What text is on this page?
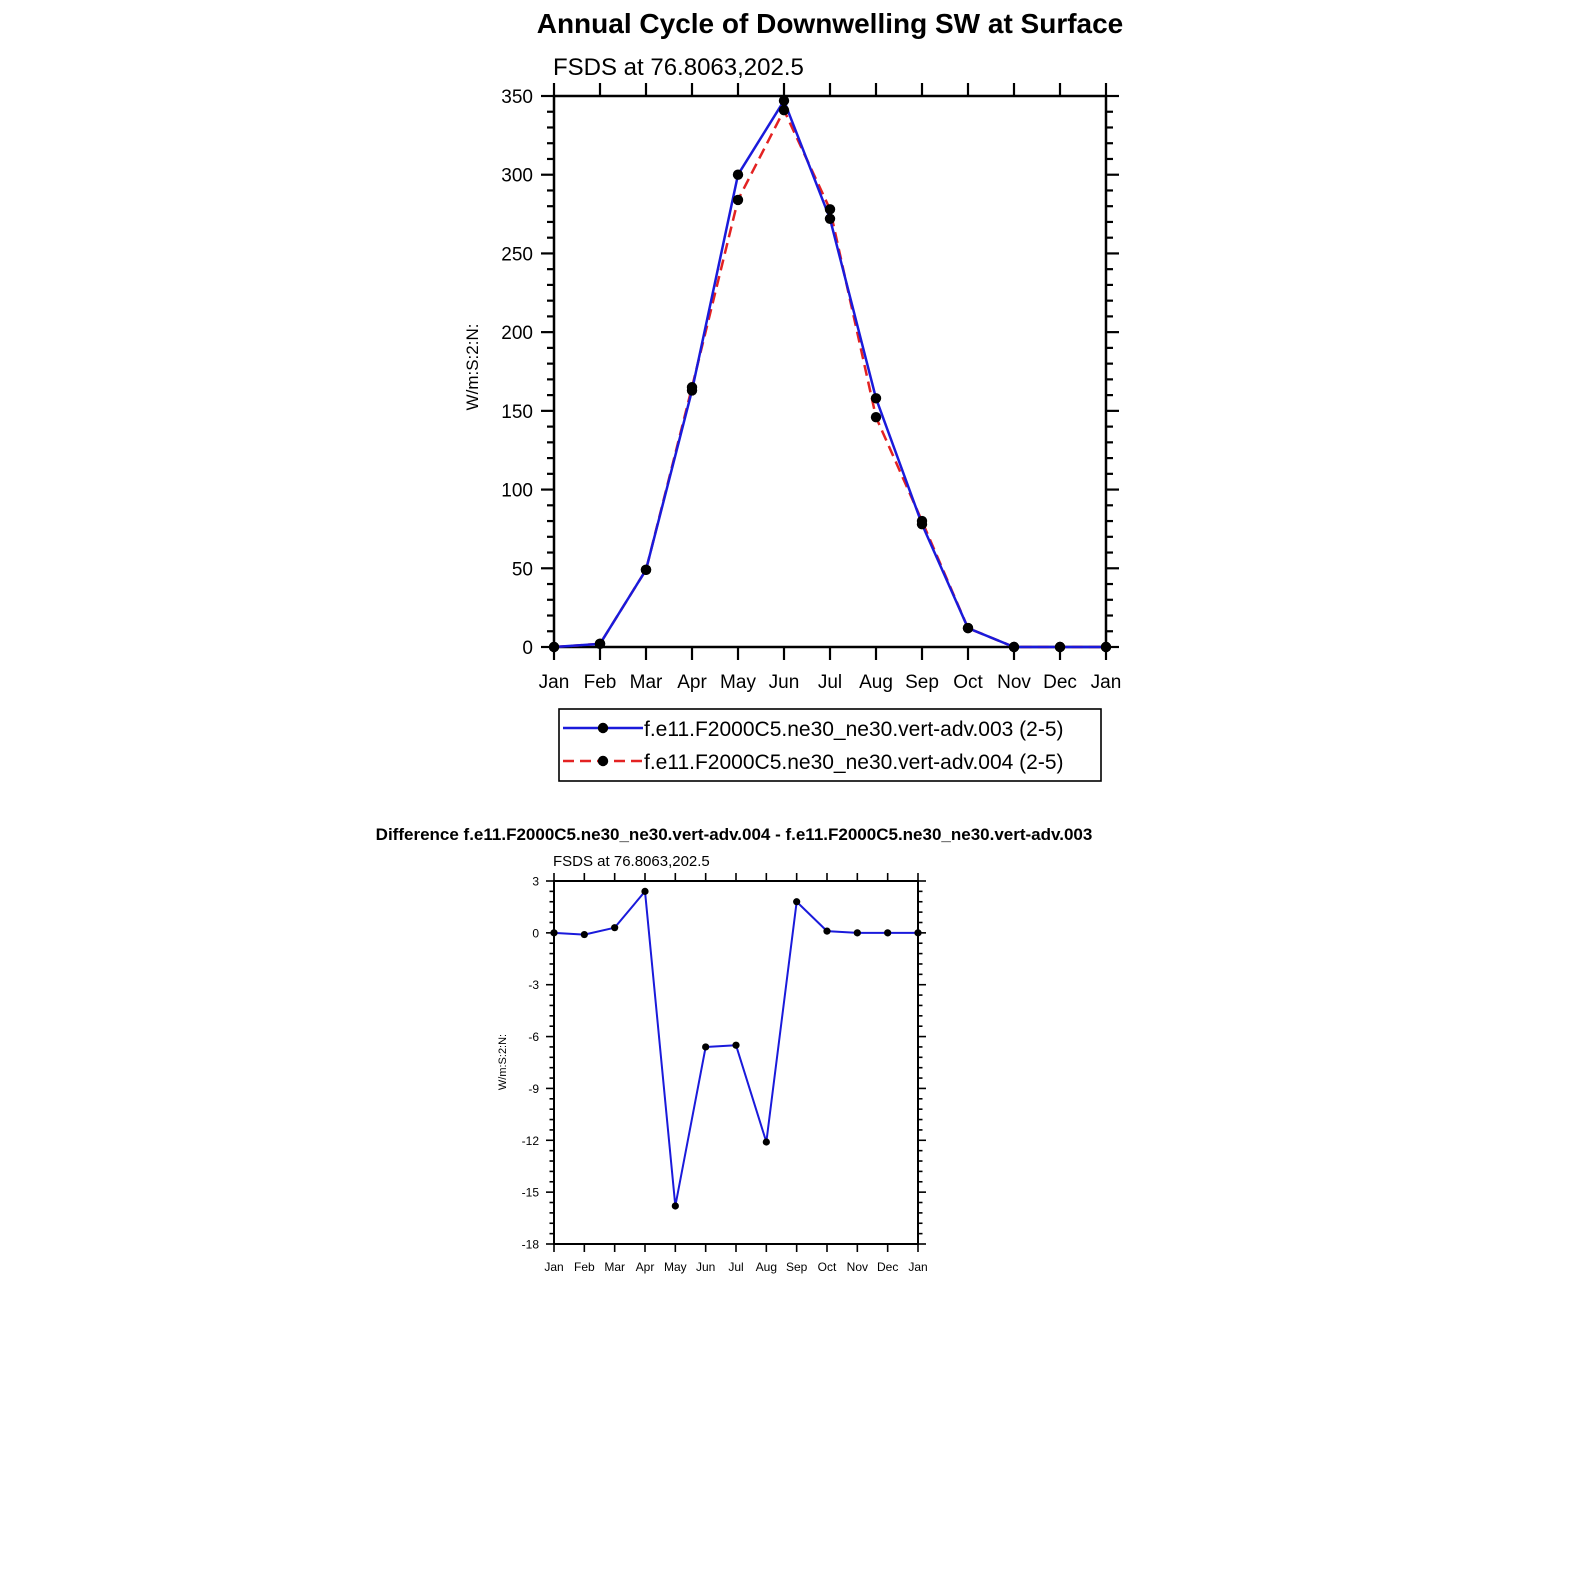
Annual Cycle of Downwelling SW at Surface
FSDS at 76.8063,202.5
W/m:S:2:N:
0
50
100
150
200
250
300
350
Jan Feb Mar Apr May Jun Jul Aug Sep Oct Nov Dec Jan
f.e11.F2000C5.ne30_ne30.vert-adv.003 (2-5)
f.e11.F2000C5.ne30_ne30.vert-adv.004 (2-5)
Difference f.e11.F2000C5.ne30_ne30.vert-adv.004 - f.e11.F2000C5.ne30_ne30.vert-adv.003
FSDS at 76.8063,202.5
W/m:S:2:N:
3
0
-3
-6
-9
-12
-15
-18
Jan Feb Mar Apr May Jun Jul Aug Sep Oct Nov Dec Jan
